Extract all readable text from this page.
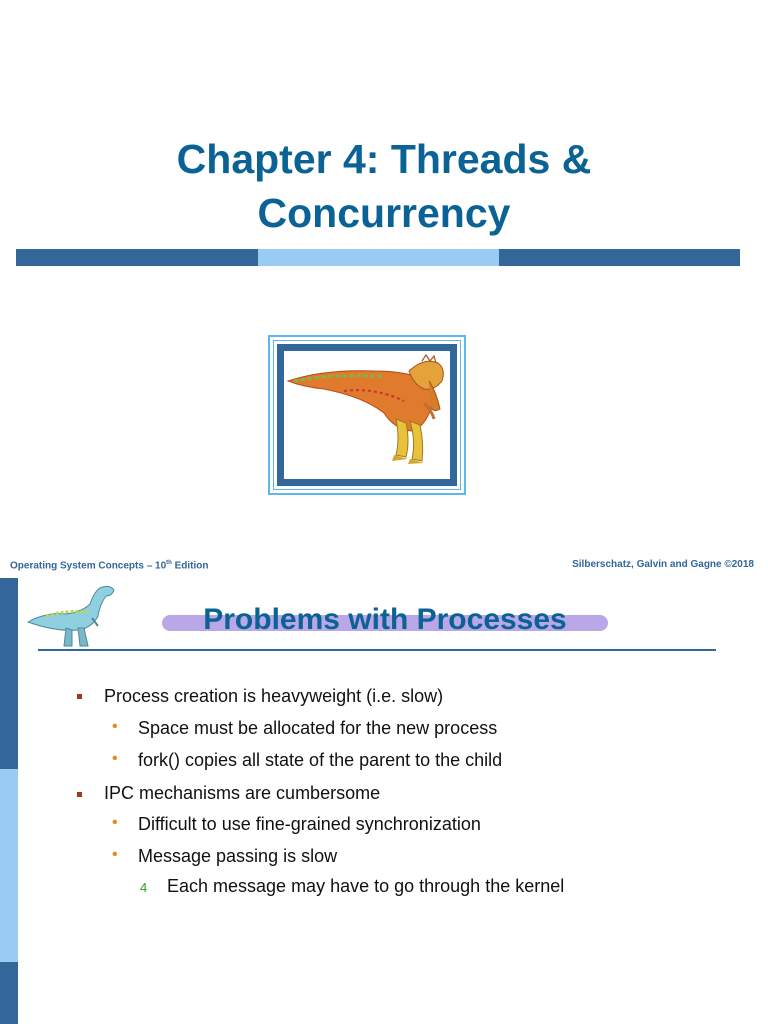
Chapter 4: Threads &
Concurrency
Operating System Concepts – 10th Edition	Silberschatz, Galvin and Gagne ©2018
Problems with Processes
Process creation is heavyweight (i.e. slow)
• Space must be allocated for the new process
• fork() copies all state of the parent to the child
IPC mechanisms are cumbersome
• Difficult to use fine-grained synchronization
• Message passing is slow
4 Each message may have to go through the kernel
